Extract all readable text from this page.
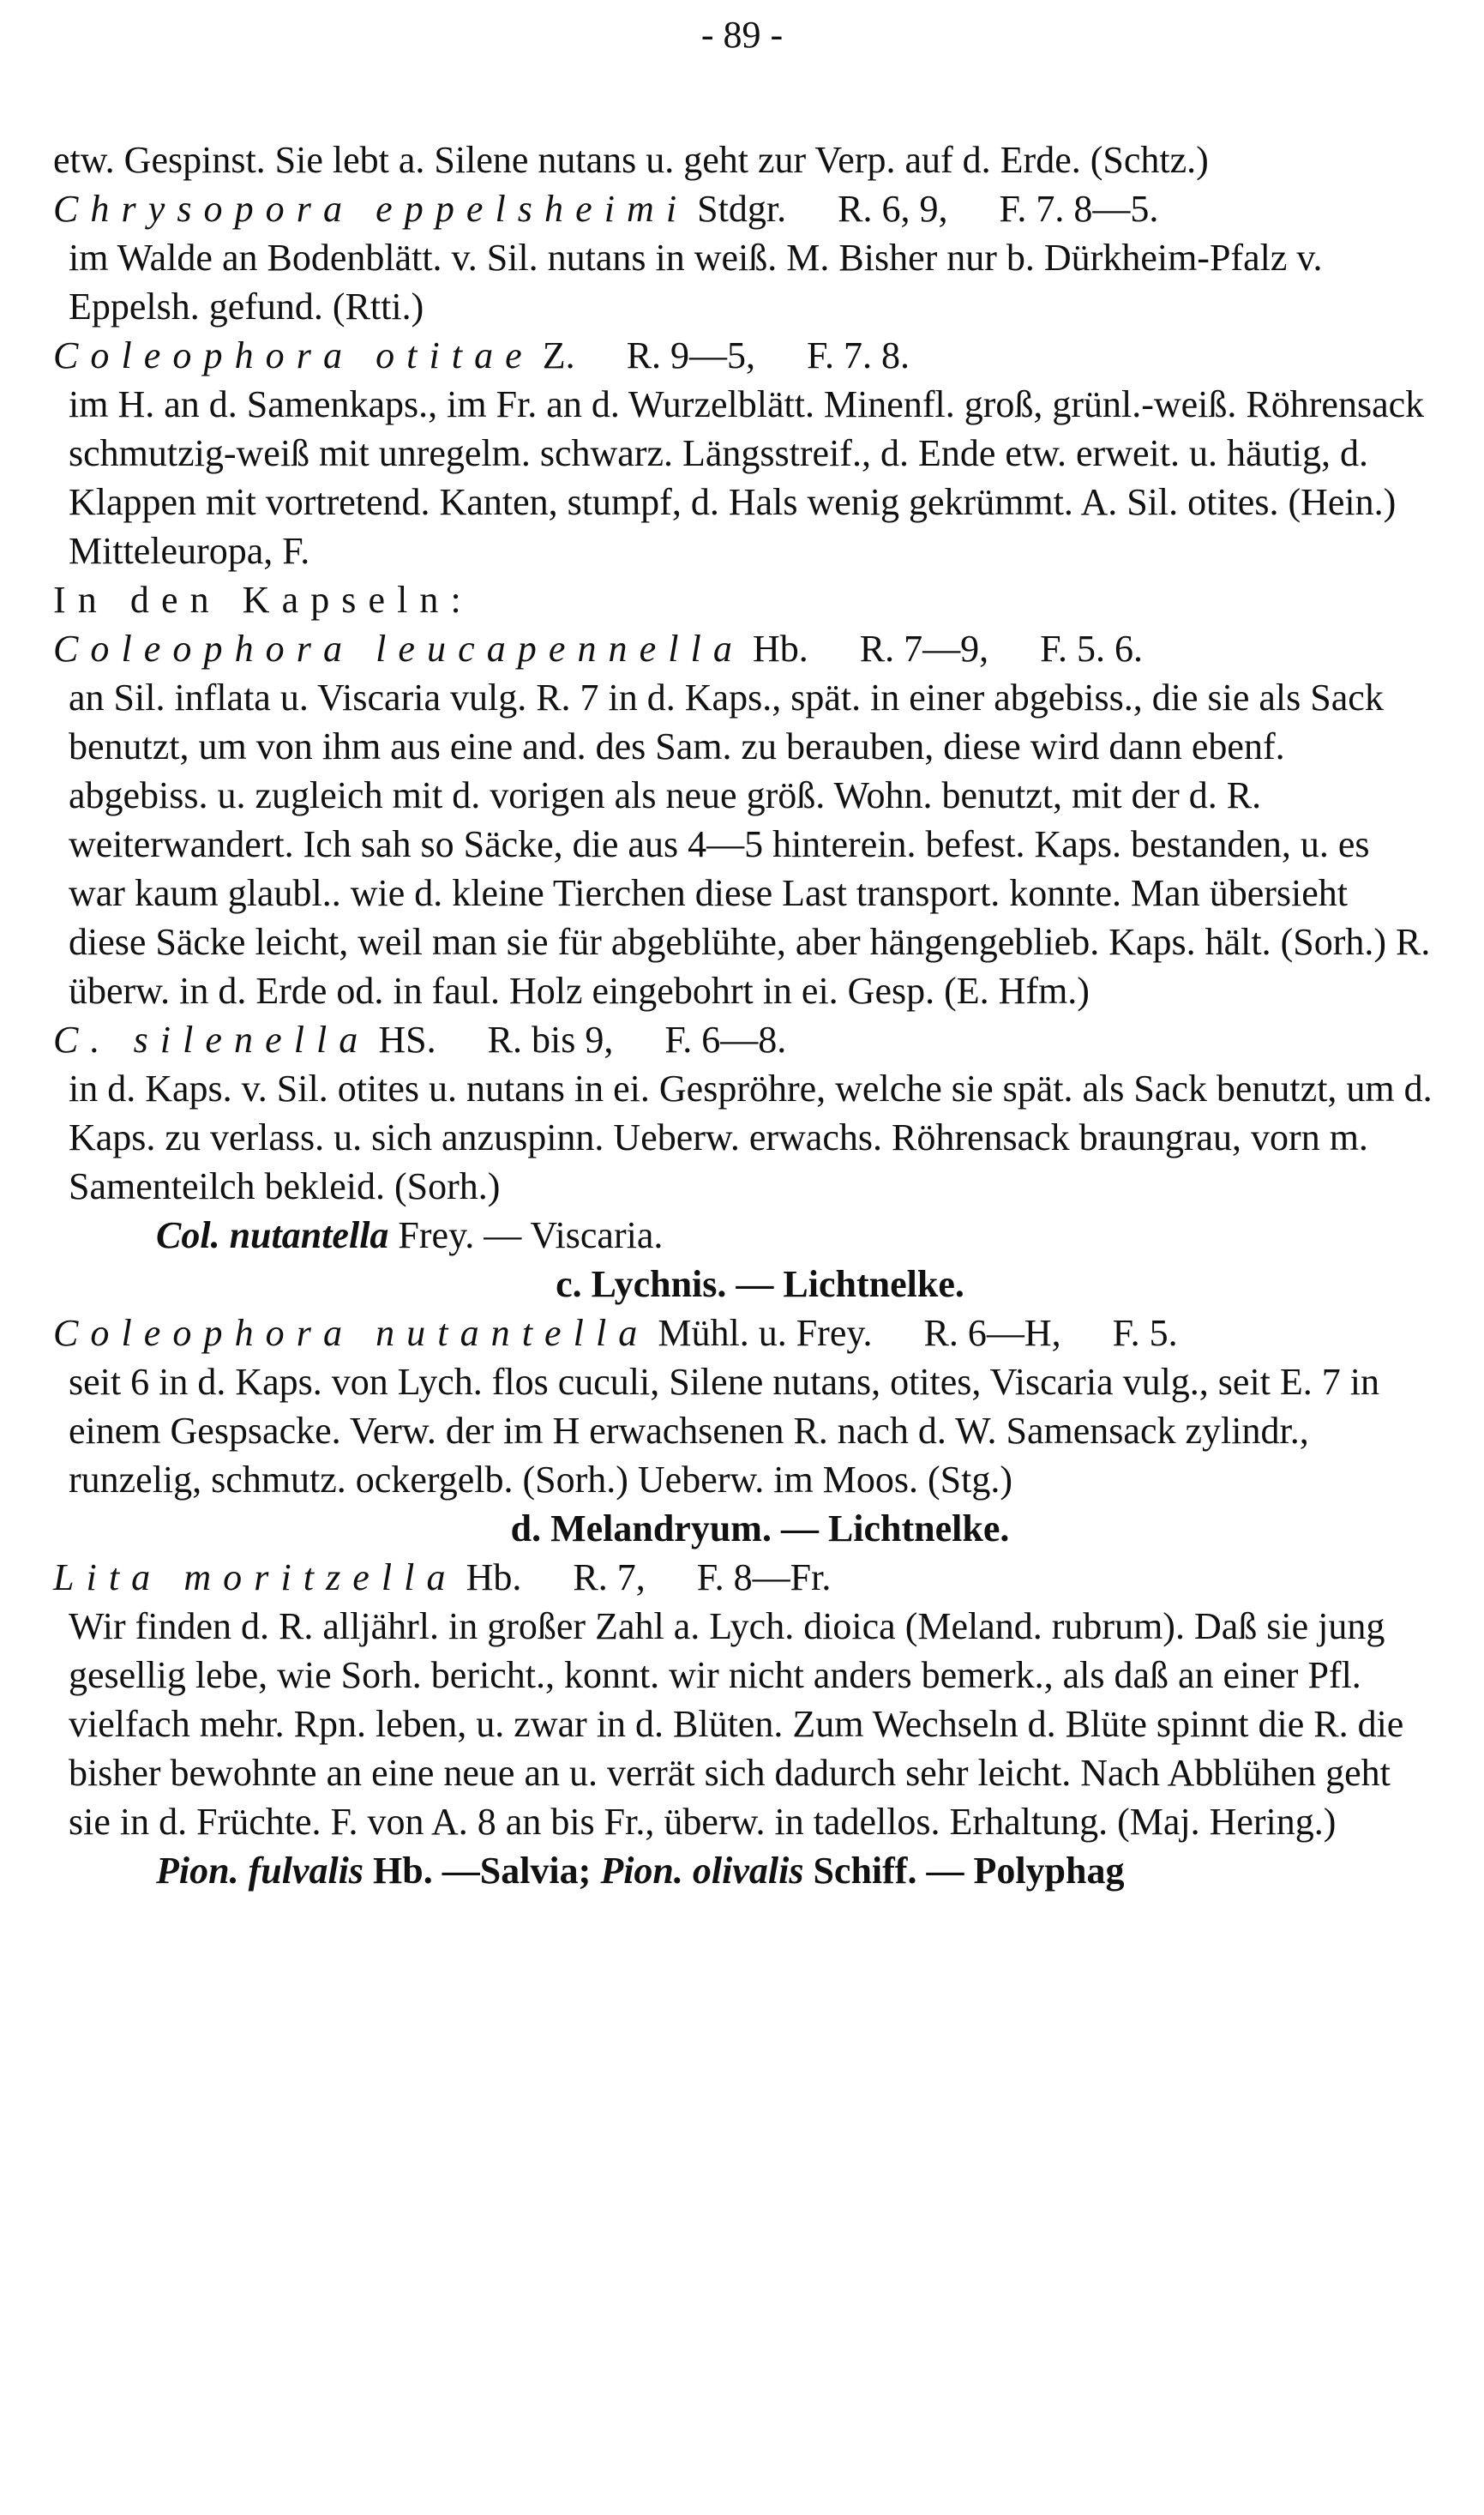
- 89 -

etw. Gespinst. Sie lebt a. Silene nutans u. geht zur Verp. auf d. Erde. (Schtz.)

Chrysopora eppelsheimi Stdgr. R. 6, 9, F. 7. 8—5.

im Walde an Bodenblätt. v. Sil. nutans in weiß. M. Bisher nur b. Dürkheim-Pfalz v. Eppelsh. gefund. (Rtti.)

Coleophora otitae Z. R. 9—5, F. 7. 8.

im H. an d. Samenkaps., im Fr. an d. Wurzelblätt. Minenfl. groß, grünl.-weiß. Röhrensack schmutzig-weiß mit unregelm. schwarz. Längsstreif., d. Ende etw. erweit. u. häutig, d. Klappen mit vortretend. Kanten, stumpf, d. Hals wenig gekrümmt. A. Sil. otites. (Hein.) Mitteleuropa, F.

In den Kapseln:
Coleophora leucapennella Hb. R. 7—9, F. 5. 6.

an Sil. inflata u. Viscaria vulg. R. 7 in d. Kaps., spät. in einer abgebiss., die sie als Sack benutzt, um von ihm aus eine and. des Sam. zu berauben, diese wird dann ebenf. abgebiss. u. zugleich mit d. vorigen als neue größ. Wohn. benutzt, mit der d. R. weiterwandert. Ich sah so Säcke, die aus 4—5 hinterein. befest. Kaps. bestanden, u. es war kaum glaubl.. wie d. kleine Tierchen diese Last transport. konnte. Man übersieht diese Säcke leicht, weil man sie für abgeblühte, aber hängengeblieb. Kaps. hält. (Sorh.) R. überw. in d. Erde od. in faul. Holz eingebohrt in ei. Gesp. (E. Hfm.)

C. silenella HS. R. bis 9, F. 6—8.

in d. Kaps. v. Sil. otites u. nutans in ei. Gespröhre, welche sie spät. als Sack benutzt, um d. Kaps. zu verlass. u. sich anzuspinn. Ueberw. erwachs. Röhrensack braungrau, vorn m. Samenteilch bekleid. (Sorh.)

Col. nutantella Frey. — Viscaria.
c. Lychnis. — Lichtnelke.
Coleophora nutantella Mühl. u. Frey. R. 6—H, F. 5.

seit 6 in d. Kaps. von Lych. flos cuculi, Silene nutans, otites, Viscaria vulg., seit E. 7 in einem Gespsacke. Verw. der im H erwachsenen R. nach d. W. Samensack zylindr., runzelig, schmutz. ockergelb. (Sorh.) Ueberw. im Moos. (Stg.)

d. Melandryum. — Lichtnelke.
Lita moritzella Hb. R. 7, F. 8—Fr.

Wir finden d. R. alljährl. in großer Zahl a. Lych. dioica (Meland. rubrum). Daß sie jung gesellig lebe, wie Sorh. bericht., konnt. wir nicht anders bemerk., als daß an einer Pfl. vielfach mehr. Rpn. leben, u. zwar in d. Blüten. Zum Wechseln d. Blüte spinnt die R. die bisher bewohnte an eine neue an u. verrät sich dadurch sehr leicht. Nach Abblühen geht sie in d. Früchte. F. von A. 8 an bis Fr., überw. in tadellos. Erhaltung. (Maj. Hering.)

Pion. fulvalis Hb. —Salvia; Pion. olivalis Schiff. — Polyphag
